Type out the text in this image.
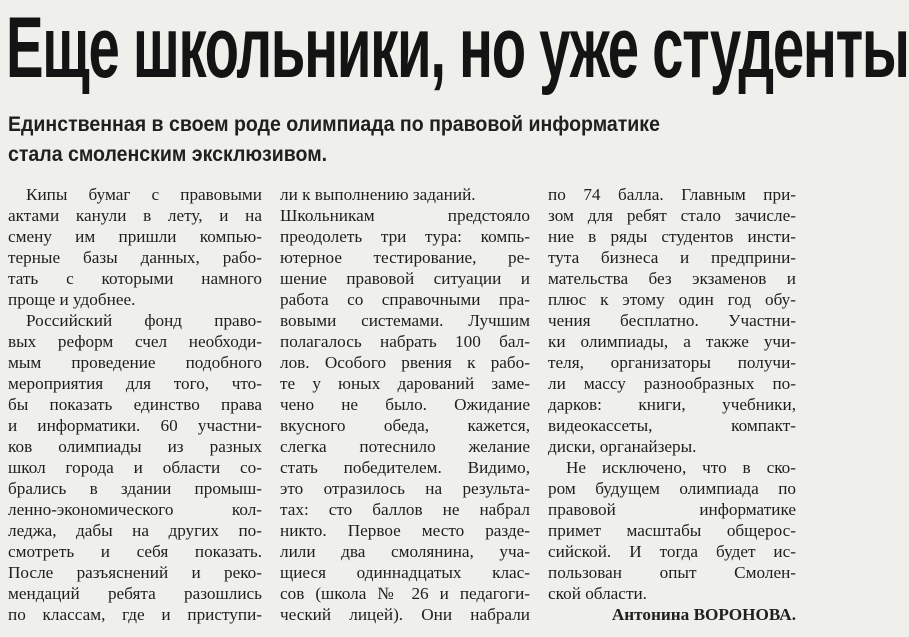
Еще школьники, но уже студенты
Единственная в своем роде олимпиада по правовой информатике
стала смоленским эксклюзивом.
Кипы бумаг с правовыми
актами канули в лету, и на
смену им пришли компью-
терные базы данных, рабо-
тать с которыми намного
проще и удобнее.
Российский фонд право-
вых реформ счел необходи-
мым проведение подобного
мероприятия для того, что-
бы показать единство права
и информатики. 60 участни-
ков олимпиады из разных
школ города и области со-
брались в здании промыш-
ленно-экономического кол-
леджа, дабы на других по-
смотреть и себя показать.
После разъяснений и реко-
мендаций ребята разошлись
по классам, где и приступи-
ли к выполнению заданий.
Школьникам предстояло
преодолеть три тура: компь-
ютерное тестирование, ре-
шение правовой ситуации и
работа со справочными пра-
вовыми системами. Лучшим
полагалось набрать 100 бал-
лов. Особого рвения к рабо-
те у юных дарований заме-
чено не было. Ожидание
вкусного обеда, кажется,
слегка потеснило желание
стать победителем. Видимо,
это отразилось на результа-
тах: сто баллов не набрал
никто. Первое место разде-
лили два смолянина, уча-
щиеся одиннадцатых клас-
сов (школа № 26 и педагоги-
ческий лицей). Они набрали
по 74 балла. Главным при-
зом для ребят стало зачисле-
ние в ряды студентов инсти-
тута бизнеса и предприни-
мательства без экзаменов и
плюс к этому один год обу-
чения бесплатно. Участни-
ки олимпиады, а также учи-
теля, организаторы получи-
ли массу разнообразных по-
дарков: книги, учебники,
видеокассеты, компакт-
диски, органайзеры.
Не исключено, что в ско-
ром будущем олимпиада по
правовой информатике
примет масштабы общерос-
сийской. И тогда будет ис-
пользован опыт Смолен-
ской области.
Антонина ВОРОНОВА.
